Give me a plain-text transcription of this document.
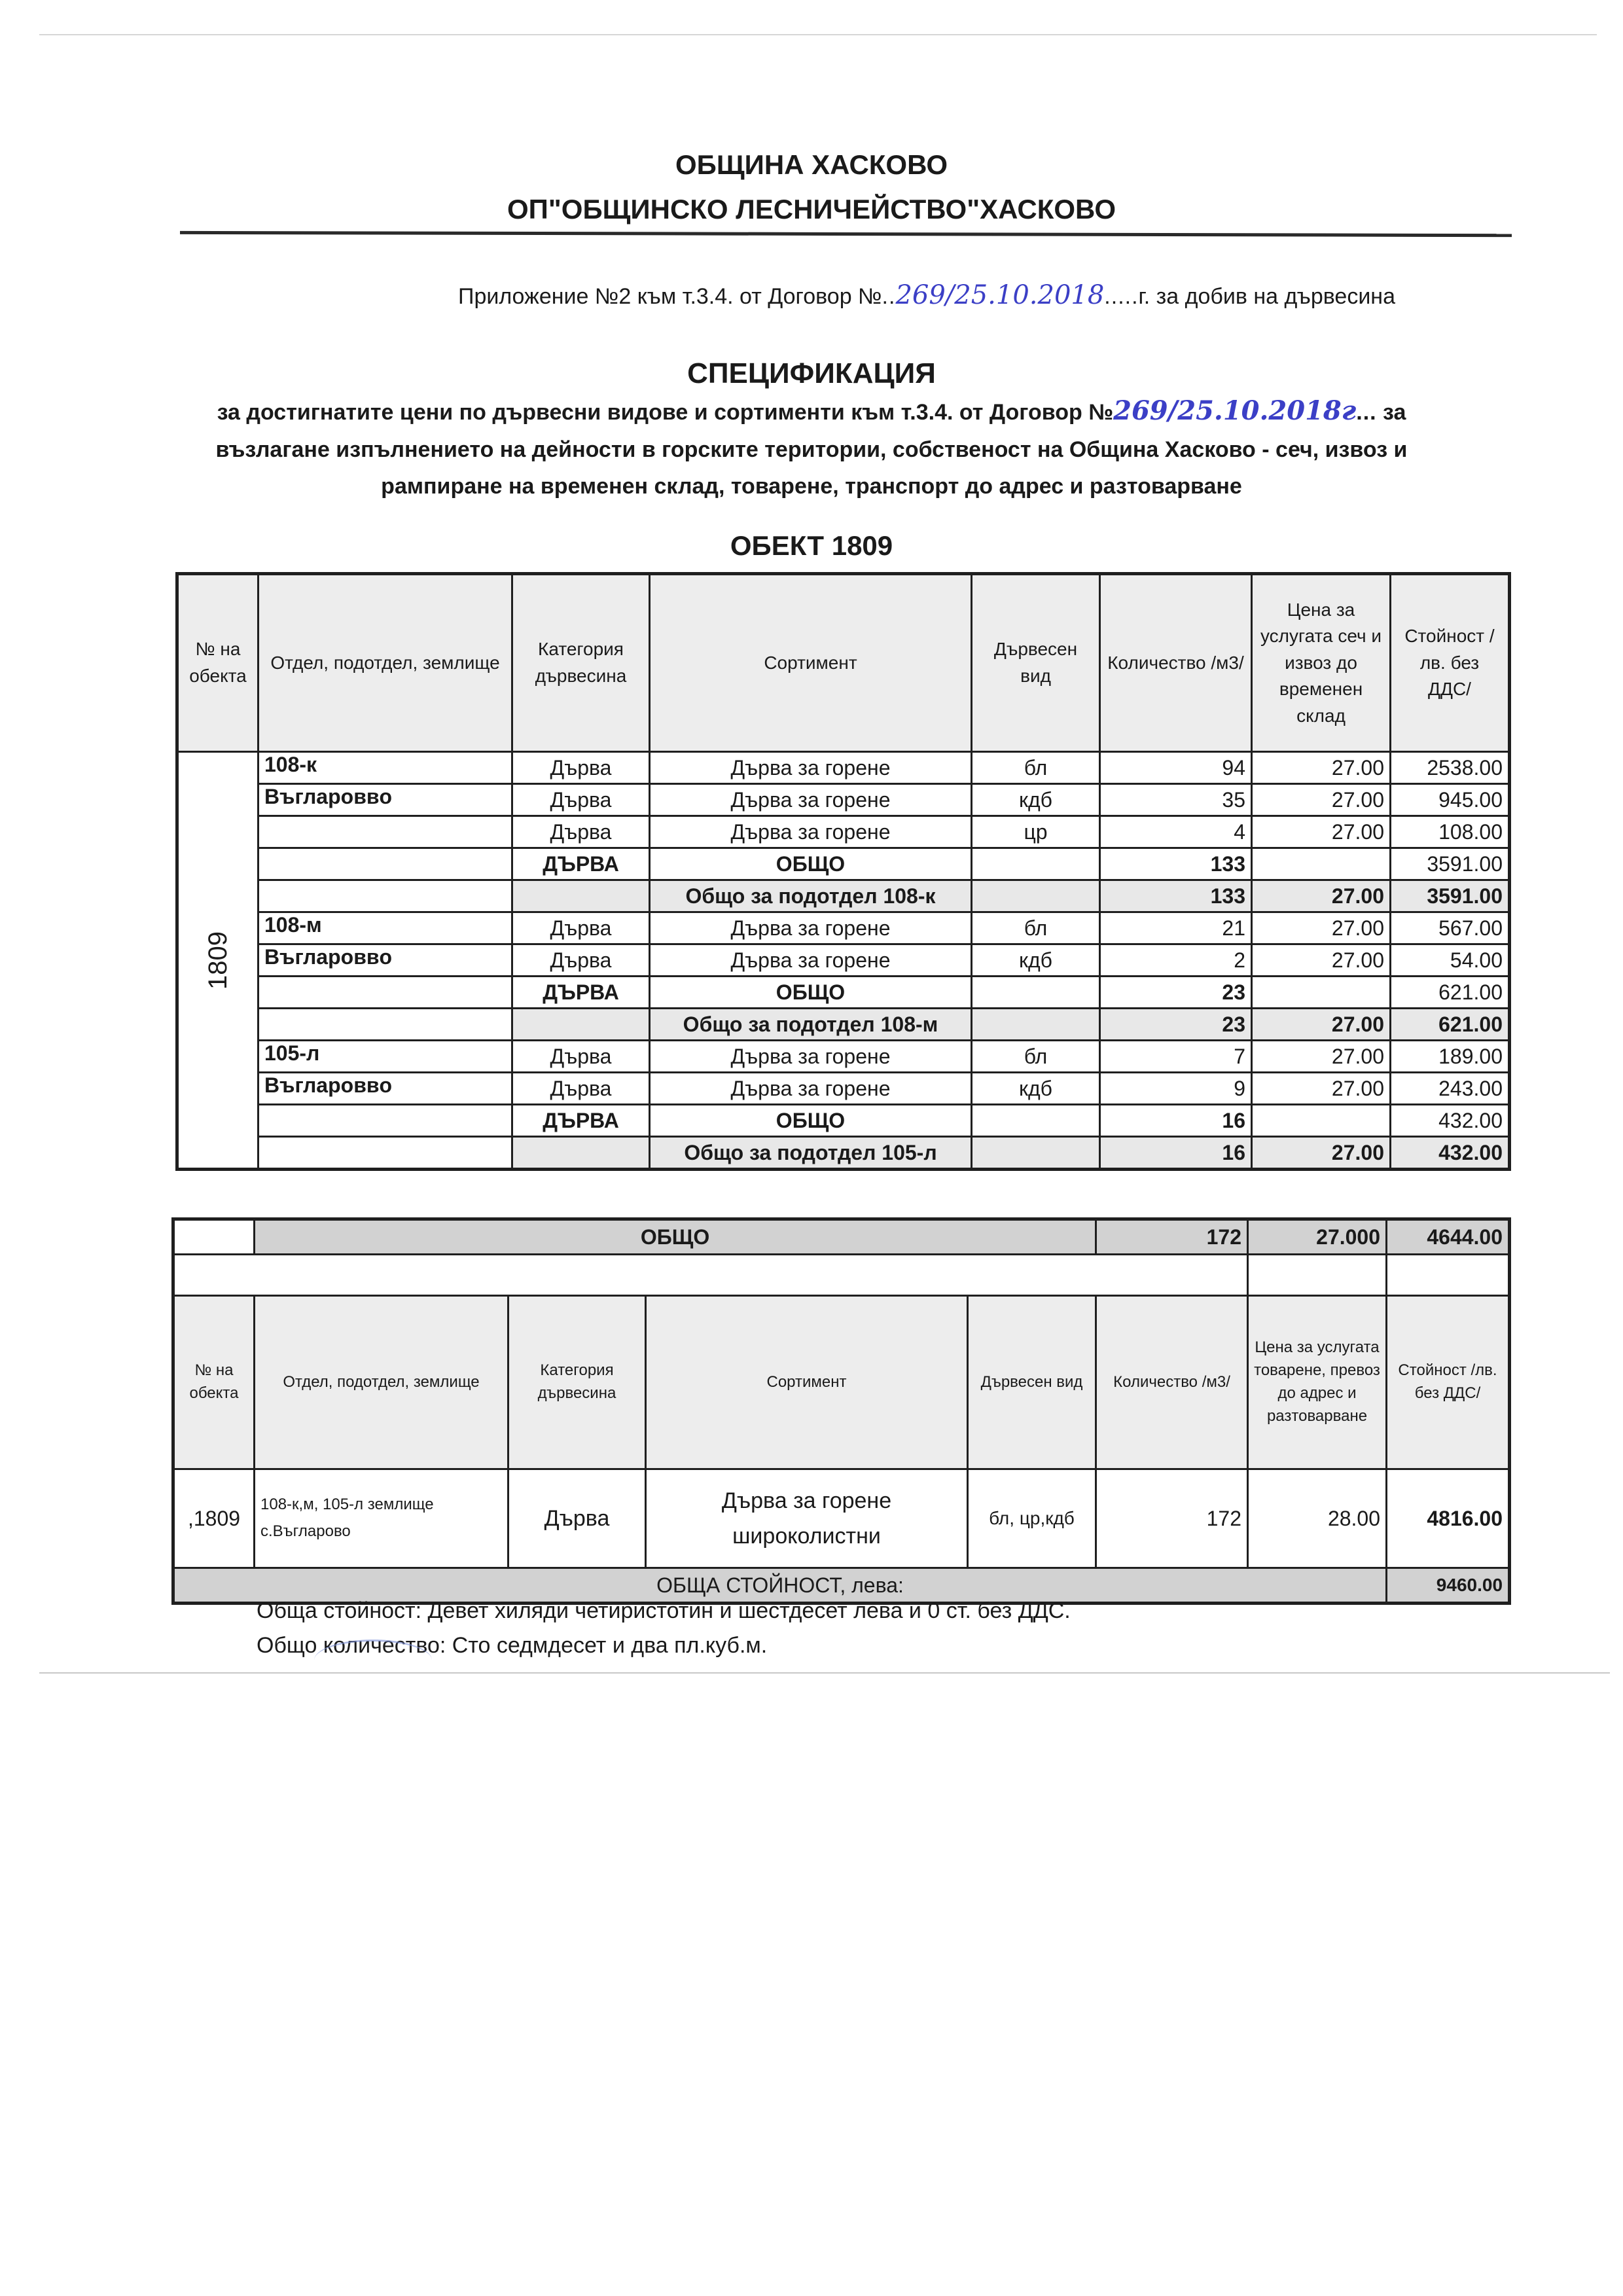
ОБЩИНА ХАСКОВО
ОП"ОБЩИНСКО ЛЕСНИЧЕЙСТВО"ХАСКОВО
Приложение №2 към т.3.4. от Договор №..269/25.10.2018.....г. за добив на дървесина
СПЕЦИФИКАЦИЯ
за достигнатите цени по дървесни видове и сортименти към т.3.4. от Договор №269/25.10.2018г... за
възлагане изпълнението на дейности в горските територии, собственост на Община Хасково - сеч, извоз и
рампиране на временен склад, товарене, транспорт до адрес и разтоварване
ОБЕКТ 1809
№ на обекта	Отдел, подотдел, землище	Категория дървесина	Сортимент	Дървесен вид	Количество /м3/	Цена за услугата сеч и извоз до временен склад	Стойност /лв. без ДДС/
1809	108-к	Дърва	Дърва за горене	бл	94	27.00	2538.00
	Въглароввo	Дърва	Дърва за горене	кдб	35	27.00	945.00
		Дърва	Дърва за горене	цр	4	27.00	108.00
		ДЪРВА	ОБЩО		133		3591.00
			Общо за подотдел 108-к		133	27.00	3591.00
	108-м	Дърва	Дърва за горене	бл	21	27.00	567.00
	Въглароввo	Дърва	Дърва за горене	кдб	2	27.00	54.00
		ДЪРВА	ОБЩО		23		621.00
			Общо за подотдел 108-м		23	27.00	621.00
	105-л	Дърва	Дърва за горене	бл	7	27.00	189.00
	Въглароввo	Дърва	Дърва за горене	кдб	9	27.00	243.00
		ДЪРВА	ОБЩО		16		432.00
			Общо за подотдел 105-л		16	27.00	432.00
	ОБЩО				172	27.000	4644.00

№ на обекта	Отдел, подотдел, землище	Категория дървесина	Сортимент	Дървесен вид	Количество /м3/	Цена за услугата товарене, превоз до адрес и разтоварване	Стойност /лв. без ДДС/
,1809	108-к,м, 105-л землище с.Въгларово	Дърва	Дърва за горене широколистни	бл, цр,кдб	172	28.00	4816.00
ОБЩА СТОЙНОСТ, лева:							9460.00
Обща стойност: Девет хиляди четиристотин и шестдесет лева и 0 ст. без ДДС.
Общо количество: Сто седмдесет и два пл.куб.м.
